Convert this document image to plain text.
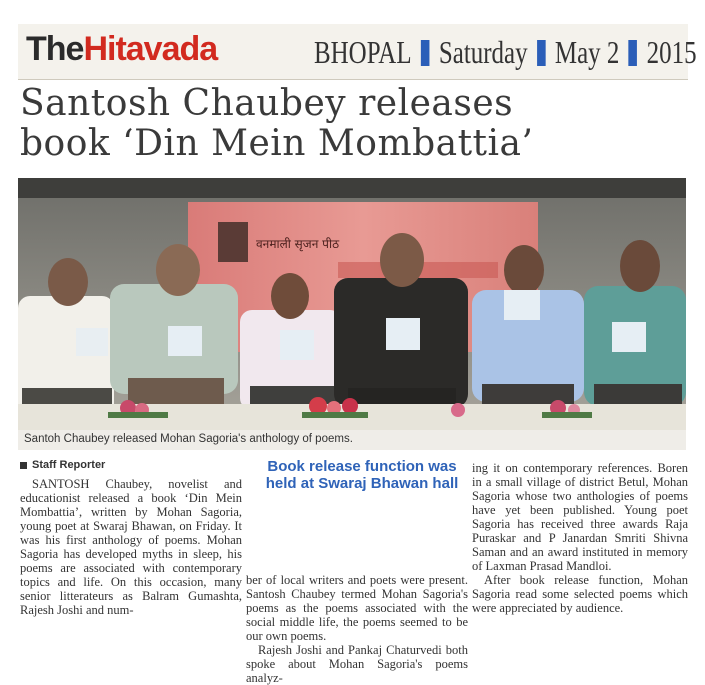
TheHitavada	BHOPAL Saturday May 2 2015
Santosh Chaubey releases
book ‘Din Mein Mombattia’
वनमाली सृजन पीठ
Santoh Chaubey released Mohan Sagoria's anthology of poems.
Staff Reporter
SANTOSH Chaubey, novelist and educationist released a book ‘Din Mein Mombattia’, written by Mohan Sagoria, young poet at Swaraj Bhawan, on Friday. It was his first anthology of poems. Mohan Sagoria has developed myths in sleep, his poems are associated with contemporary topics and life. On this occasion, many senior litterateurs as Balram Gumashta, Rajesh Joshi and num-
Book release function was held at Swaraj Bhawan hall

ber of local writers and poets were present. Santosh Chaubey termed Mohan Sagoria's poems as the poems associated with the social middle life, the poems seemed to be our own poems.

Rajesh Joshi and Pankaj Chaturvedi both spoke about Mohan Sagoria's poems analyz-

ing it on contemporary references. Boren in a small village of district Betul, Mohan Sagoria whose two anthologies of poems have yet been published. Young poet Sagoria has received three awards Raja Puraskar and P Janardan Smriti Shivna Saman and an award instituted in memory of Laxman Prasad Mandloi.

After book release function, Mohan Sagoria read some selected poems which were appreciated by audience.
